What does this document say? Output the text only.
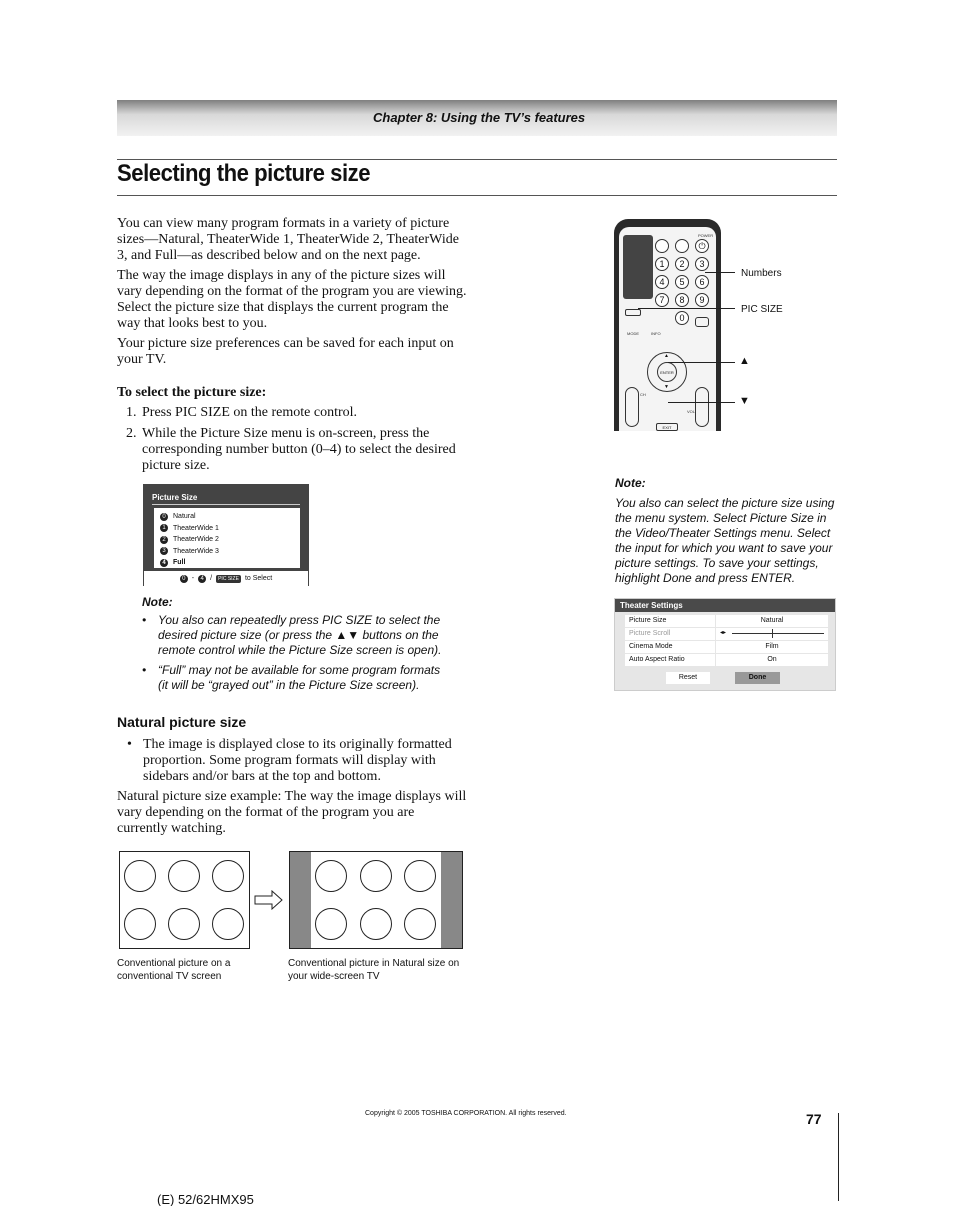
Chapter 8: Using the TV’s features
Selecting the picture size

You can view many program formats in a variety of picture sizes—Natural, TheaterWide 1, TheaterWide 2, TheaterWide 3, and Full—as described below and on the next page.

The way the image displays in any of the picture sizes will vary depending on the format of the program you are viewing. Select the picture size that displays the current program the way that looks best to you.

Your picture size preferences can be saved for each input on your TV.

To select the picture size:
1. Press PIC SIZE on the remote control.
2. While the Picture Size menu is on-screen, press the corresponding number button (0–4) to select the desired picture size.
Picture Size
0	Natural
1	TheaterWide 1
2	TheaterWide 2
3	TheaterWide 3
4	Full
0 -	4 /	PIC SIZE to Select
Note:
• You also can repeatedly press PIC SIZE to select the desired picture size (or press the ▲▼ buttons on the remote control while the Picture Size screen is open).
• “Full” may not be available for some program formats (it will be “grayed out” in the Picture Size screen).
Natural picture size
• The image is displayed close to its originally formatted proportion. Some program formats will display with sidebars and/or bars at the top and bottom.

Natural picture size example: The way the image displays will vary depending on the format of the program you are currently watching.

Conventional picture on a conventional TV screen
Conventional picture in Natural size on your wide-screen TV
POWER
⏻
1	2	3
4	5	6
7	8	9
0
MODE	INFO
ENTER
▲
▼
CH
VOL
EXIT
Numbers
PIC SIZE
▲
▼
Note:
You also can select the picture size using the menu system. Select Picture Size in the Video/Theater Settings menu. Select the input for which you want to save your picture settings. To save your settings, highlight Done and press ENTER.
Theater Settings
Picture Size	Natural
Picture Scroll	◂▸
Cinema Mode	Film
Auto Aspect Ratio	On
Reset	Done
Copyright © 2005 TOSHIBA CORPORATION. All rights reserved.	77
(E) 52/62HMX95
